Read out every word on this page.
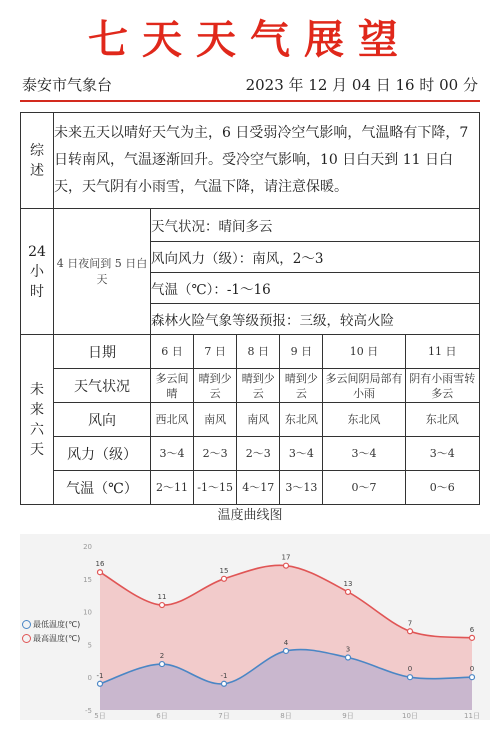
七天天气展望
泰安市气象台	2023 年 12 月 04 日 16 时 00 分
综
述	未来五天以晴好天气为主，6 日受弱冷空气影响，气温略有下降，7 日转南风，气温逐渐回升。受冷空气影响，10 日白天到 11 日白天，天气阴有小雨雪，气温下降，请注意保暖。						

24
小
时	4 日夜间到 5 日白天	天气状况：晴间多云					
		风向风力（级）：南风，2～3					
		气温（℃）：-1～16					
		森林火险气象等级预报：三级，较高火险					

未
来
六
天	日期	6 日	7 日	8 日	9 日	10 日	11 日
	天气状况	多云间晴	晴到少云	晴到少云	晴到少云	多云间阴局部有小雨	阴有小雨雪转多云
	风向	西北风	南风	南风	东北风	东北风	东北风
	风力（级）	3～4	2～3	2～3	3～4	3～4	3～4
	气温（℃）	2～11	-1～15	4～17	3～13	0～7	0～6
温度曲线图
20
15
10
5
0
-5
5日	6日	7日	8日	9日	10日	11日
-1
2
-1
4
3
0	0
16
11
15
17
13
7
6
最低温度(℃)
最高温度(℃)
